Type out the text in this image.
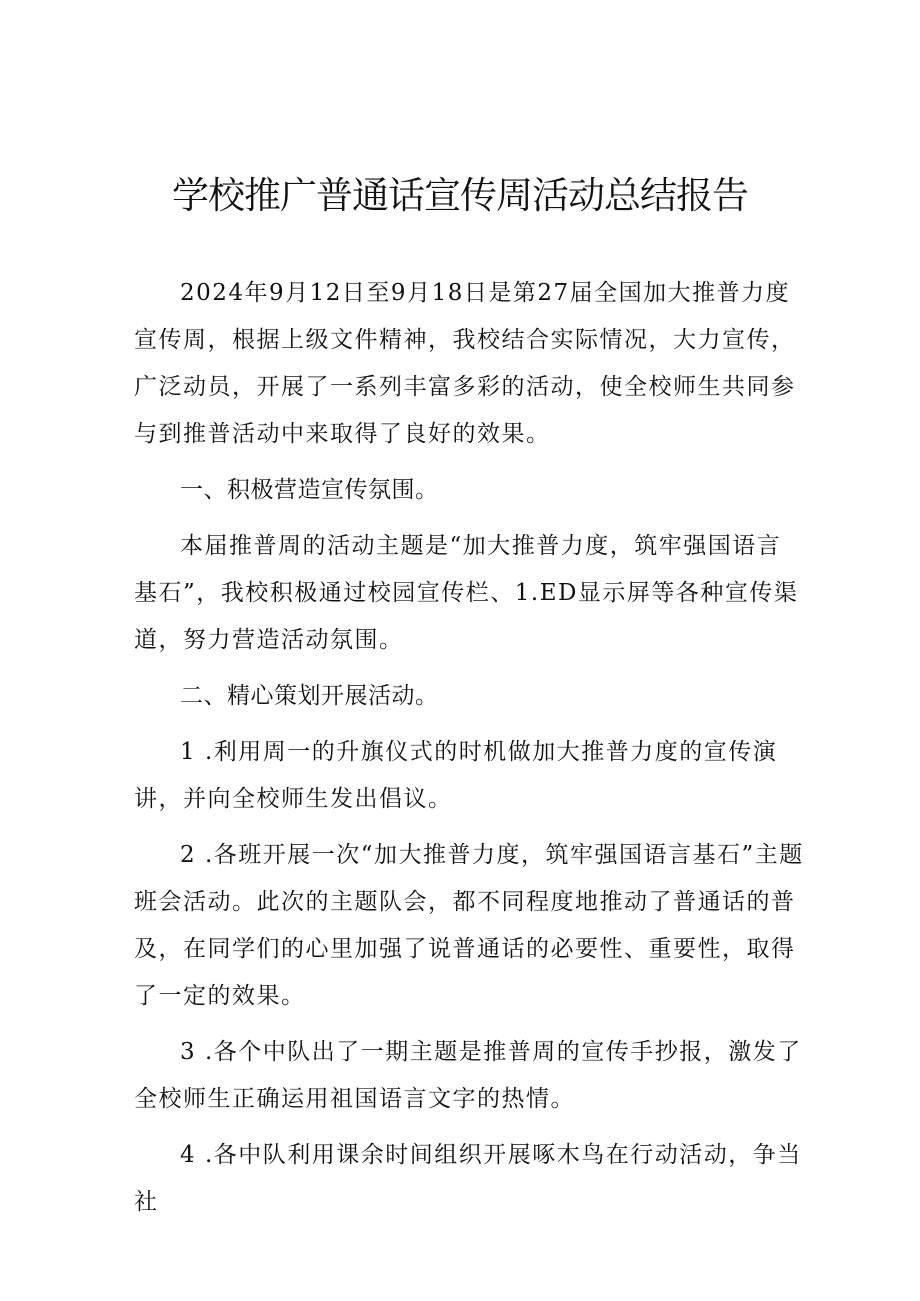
学校推广普通话宣传周活动总结报告

2024年9月12日至9月18日是第27届全国加大推普力度宣传周，根据上级文件精神，我校结合实际情况，大力宣传，广泛动员，开展了一系列丰富多彩的活动，使全校师生共同参与到推普活动中来取得了良好的效果。

一、积极营造宣传氛围。

本届推普周的活动主题是“加大推普力度，筑牢强国语言基石”，我校积极通过校园宣传栏、1.ED显示屏等各种宣传渠道，努力营造活动氛围。

二、精心策划开展活动。

1 .利用周一的升旗仪式的时机做加大推普力度的宣传演讲，并向全校师生发出倡议。

2 .各班开展一次“加大推普力度，筑牢强国语言基石”主题班会活动。此次的主题队会，都不同程度地推动了普通话的普及，在同学们的心里加强了说普通话的必要性、重要性，取得了一定的效果。

3 .各个中队出了一期主题是推普周的宣传手抄报，激发了全校师生正确运用祖国语言文字的热情。

4 .各中队利用课余时间组织开展啄木鸟在行动活动，争当社
